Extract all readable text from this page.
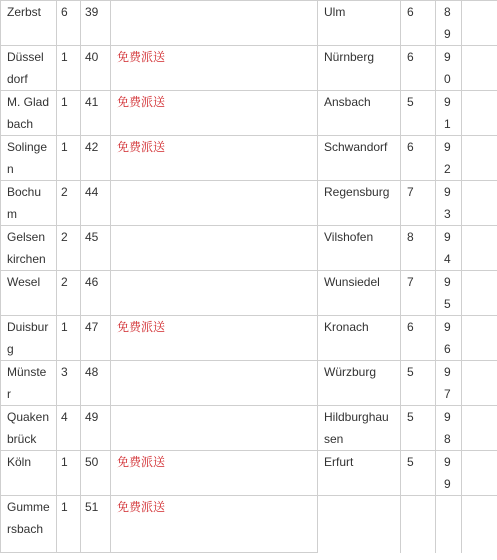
Zerbst	6	39		Ulm	6	89	
Düsseldorf	1	40	免费派送	Nürnberg	6	90	
M. Gladbach	1	41	免费派送	Ansbach	5	91	
Solingen	1	42	免费派送	Schwandorf	6	92	
Bochum	2	44		Regensburg	7	93	
Gelsenkirchen	2	45		Vilshofen	8	94	
Wesel	2	46		Wunsiedel	7	95	
Duisburg	1	47	免费派送	Kronach	6	96	
Münster	3	48		Würzburg	5	97	
Quakenbrück	4	49		Hildburghausen	5	98	
Köln	1	50	免费派送	Erfurt	5	99	
Gummersbach	1	51	免费派送				
